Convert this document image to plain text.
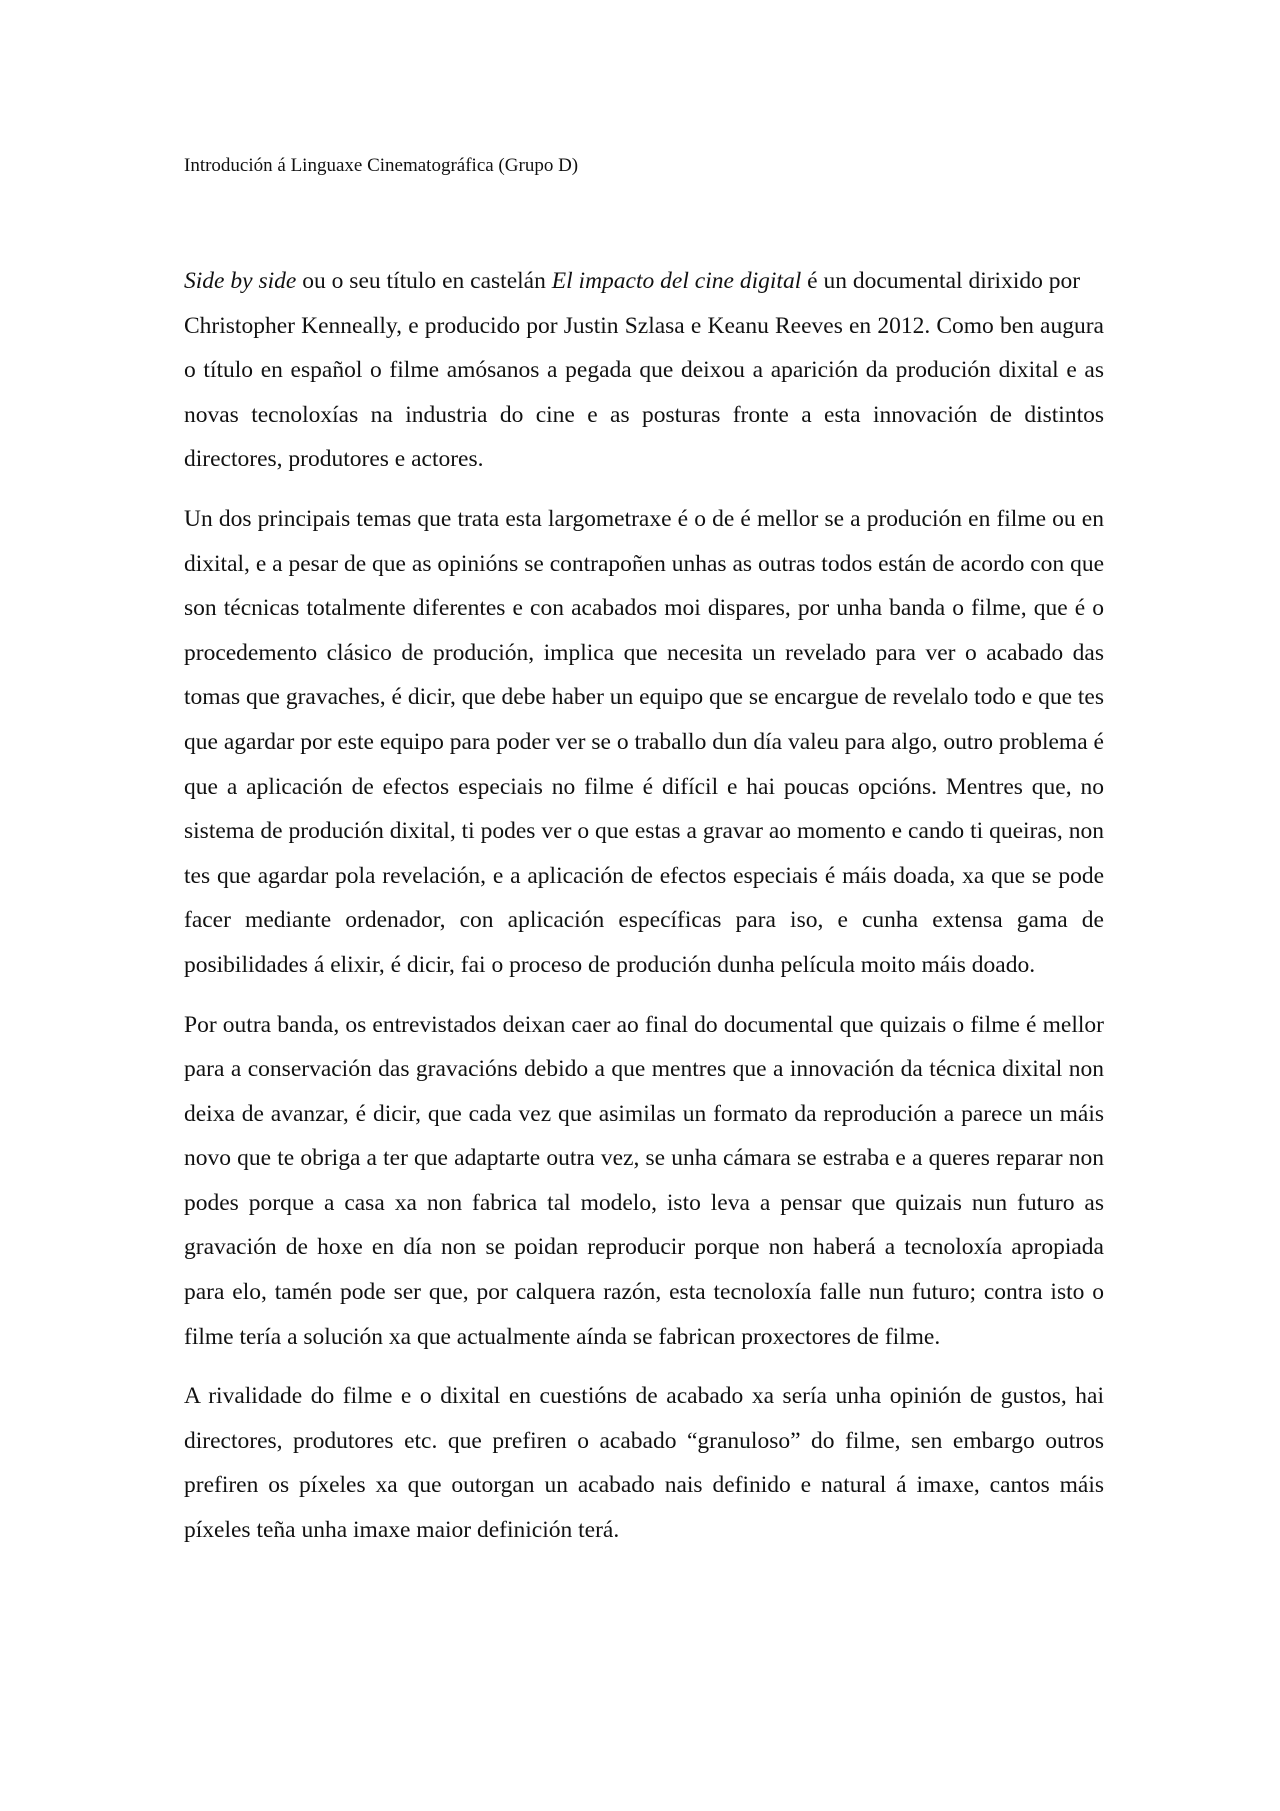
Introdución á Linguaxe Cinematográfica (Grupo D)

Side by side ou o seu título en castelán El impacto del cine digital é un documental dirixido por Christopher Kenneally, e producido por Justin Szlasa e Keanu Reeves en 2012. Como ben augura o título en español o filme amósanos a pegada que deixou a aparición da produción dixital e as novas tecnoloxías na industria do cine e as posturas fronte a esta innovación de distintos directores, produtores e actores.

Un dos principais temas que trata esta largometraxe é o de é mellor se a produción en filme ou en dixital, e a pesar de que as opinións se contrapoñen unhas as outras todos están de acordo con que son técnicas totalmente diferentes e con acabados moi dispares, por unha banda o filme, que é o procedemento clásico de produción, implica que necesita un revelado para ver o acabado das tomas que gravaches, é dicir, que debe haber un equipo que se encargue de revelalo todo e que tes que agardar por este equipo para poder ver se o traballo dun día valeu para algo, outro problema é que a aplicación de efectos especiais no filme é difícil e hai poucas opcións. Mentres que, no sistema de produción dixital, ti podes ver o que estas a gravar ao momento e cando ti queiras, non tes que agardar pola revelación, e a aplicación de efectos especiais é máis doada, xa que se pode facer mediante ordenador, con aplicación específicas para iso, e cunha extensa gama de posibilidades á elixir, é dicir, fai o proceso de produción dunha película moito máis doado.

Por outra banda, os entrevistados deixan caer ao final do documental que quizais o filme é mellor para a conservación das gravacións debido a que mentres que a innovación da técnica dixital non deixa de avanzar, é dicir, que cada vez que asimilas un formato da reprodución a parece un máis novo que te obriga a ter que adaptarte outra vez, se unha cámara se estraba e a queres reparar non podes porque a casa xa non fabrica tal modelo, isto leva a pensar que quizais nun futuro as gravación de hoxe en día non se poidan reproducir porque non haberá a tecnoloxía apropiada para elo, tamén pode ser que, por calquera razón, esta tecnoloxía falle nun futuro; contra isto o filme tería a solución xa que actualmente aínda se fabrican proxectores de filme.

A rivalidade do filme e o dixital en cuestións de acabado xa sería unha opinión de gustos, hai directores, produtores etc. que prefiren o acabado “granuloso” do filme, sen embargo outros prefiren os píxeles xa que outorgan un acabado nais definido e natural á imaxe, cantos máis píxeles teña unha imaxe maior definición terá.
